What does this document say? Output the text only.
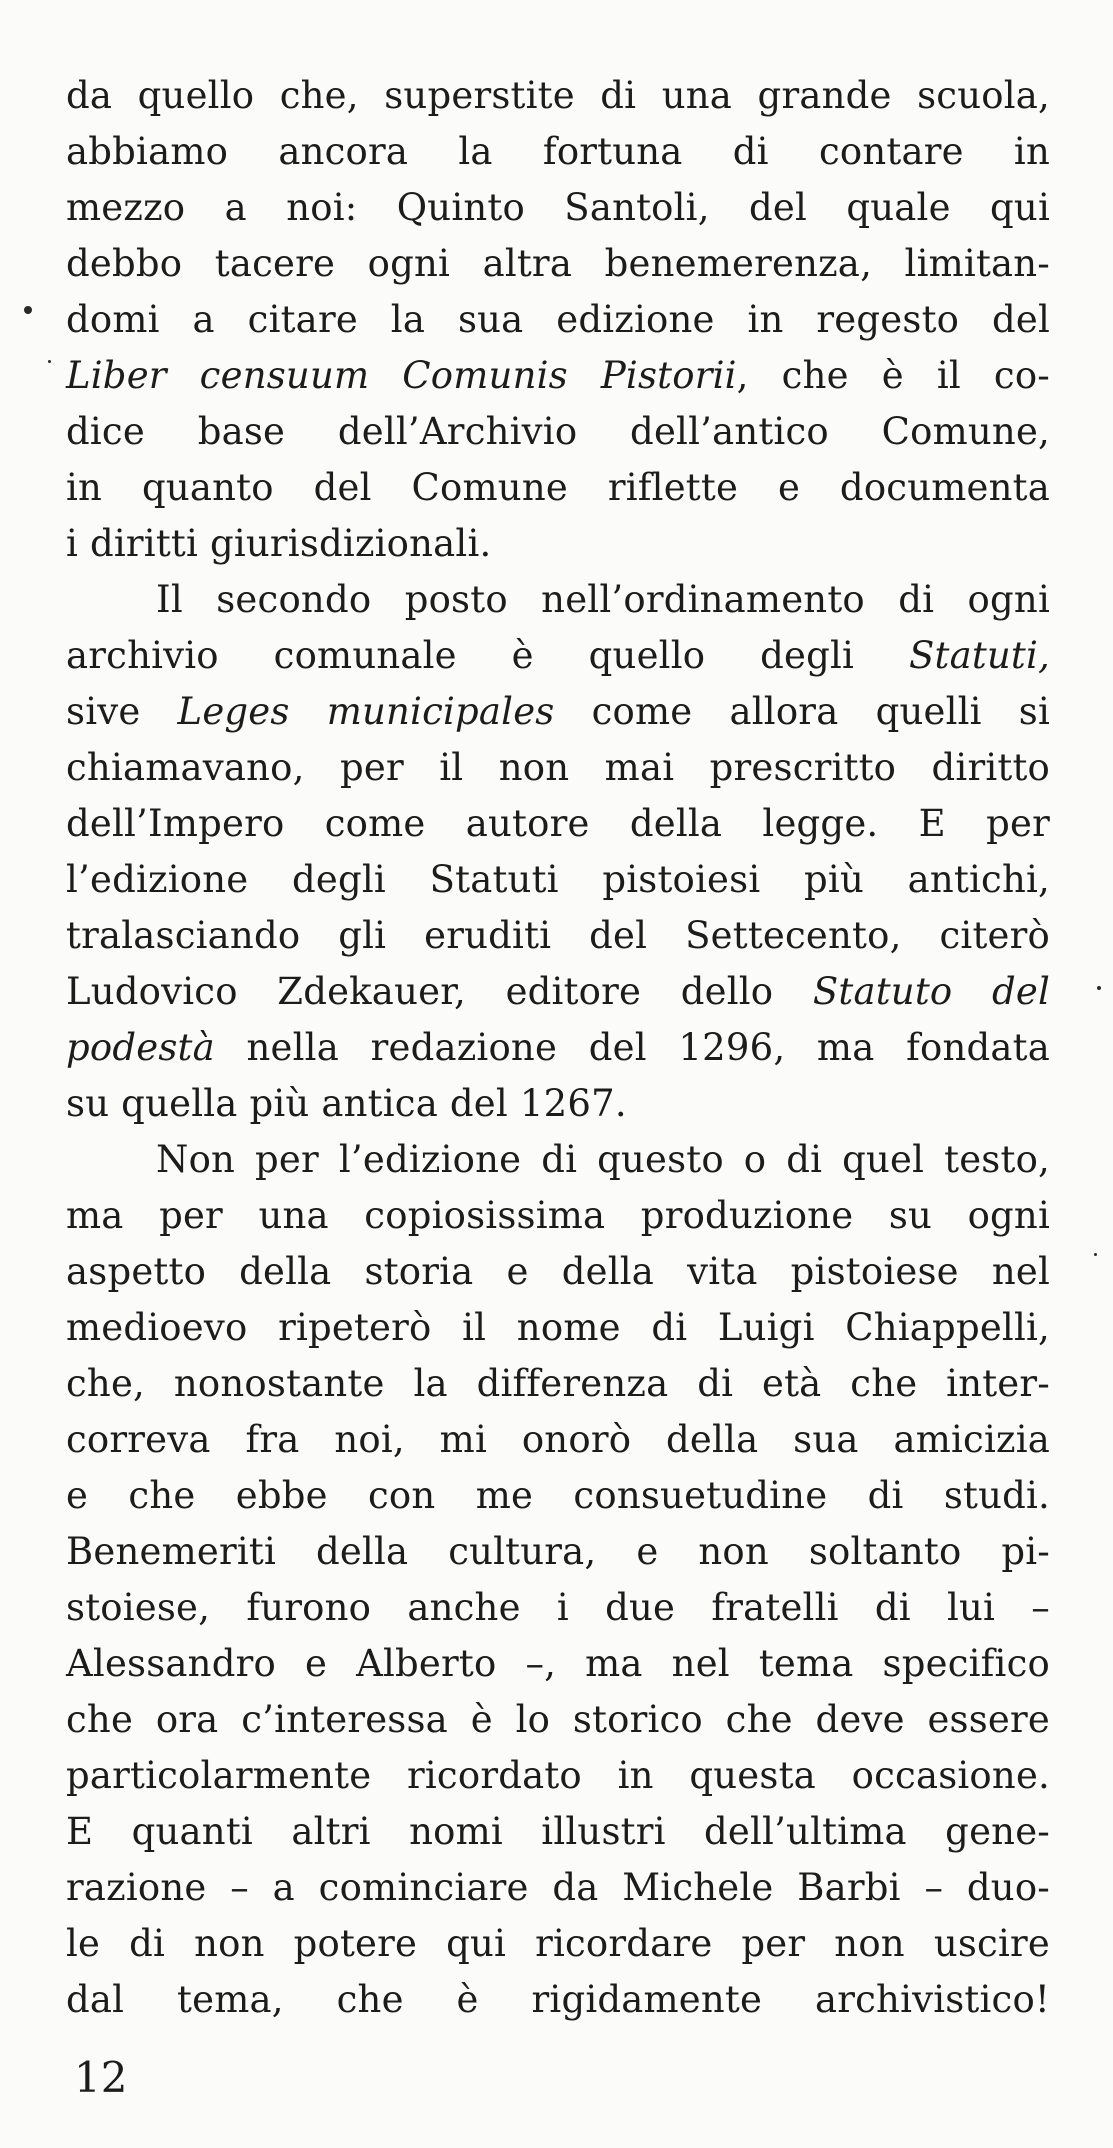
da quello che, superstite di una grande scuola,
abbiamo ancora la fortuna di contare in
mezzo a noi: Quinto Santoli, del quale qui
debbo tacere ogni altra benemerenza, limitan-
domi a citare la sua edizione in regesto del
Liber censuum Comunis Pistorii, che è il co-
dice base dell’Archivio dell’antico Comune,
in quanto del Comune riflette e documenta
i diritti giurisdizionali.
Il secondo posto nell’ordinamento di ogni
archivio comunale è quello degli Statuti,
sive Leges municipales come allora quelli si
chiamavano, per il non mai prescritto diritto
dell’Impero come autore della legge. E per
l’edizione degli Statuti pistoiesi più antichi,
tralasciando gli eruditi del Settecento, citerò
Ludovico Zdekauer, editore dello Statuto del
podestà nella redazione del 1296, ma fondata
su quella più antica del 1267.
Non per l’edizione di questo o di quel testo,
ma per una copiosissima produzione su ogni
aspetto della storia e della vita pistoiese nel
medioevo ripeterò il nome di Luigi Chiappelli,
che, nonostante la differenza di età che inter-
correva fra noi, mi onorò della sua amicizia
e che ebbe con me consuetudine di studi.
Benemeriti della cultura, e non soltanto pi-
stoiese, furono anche i due fratelli di lui –
Alessandro e Alberto –, ma nel tema specifico
che ora c’interessa è lo storico che deve essere
particolarmente ricordato in questa occasione.
E quanti altri nomi illustri dell’ultima gene-
razione – a cominciare da Michele Barbi – duo-
le di non potere qui ricordare per non uscire
dal tema, che è rigidamente archivistico!
12
